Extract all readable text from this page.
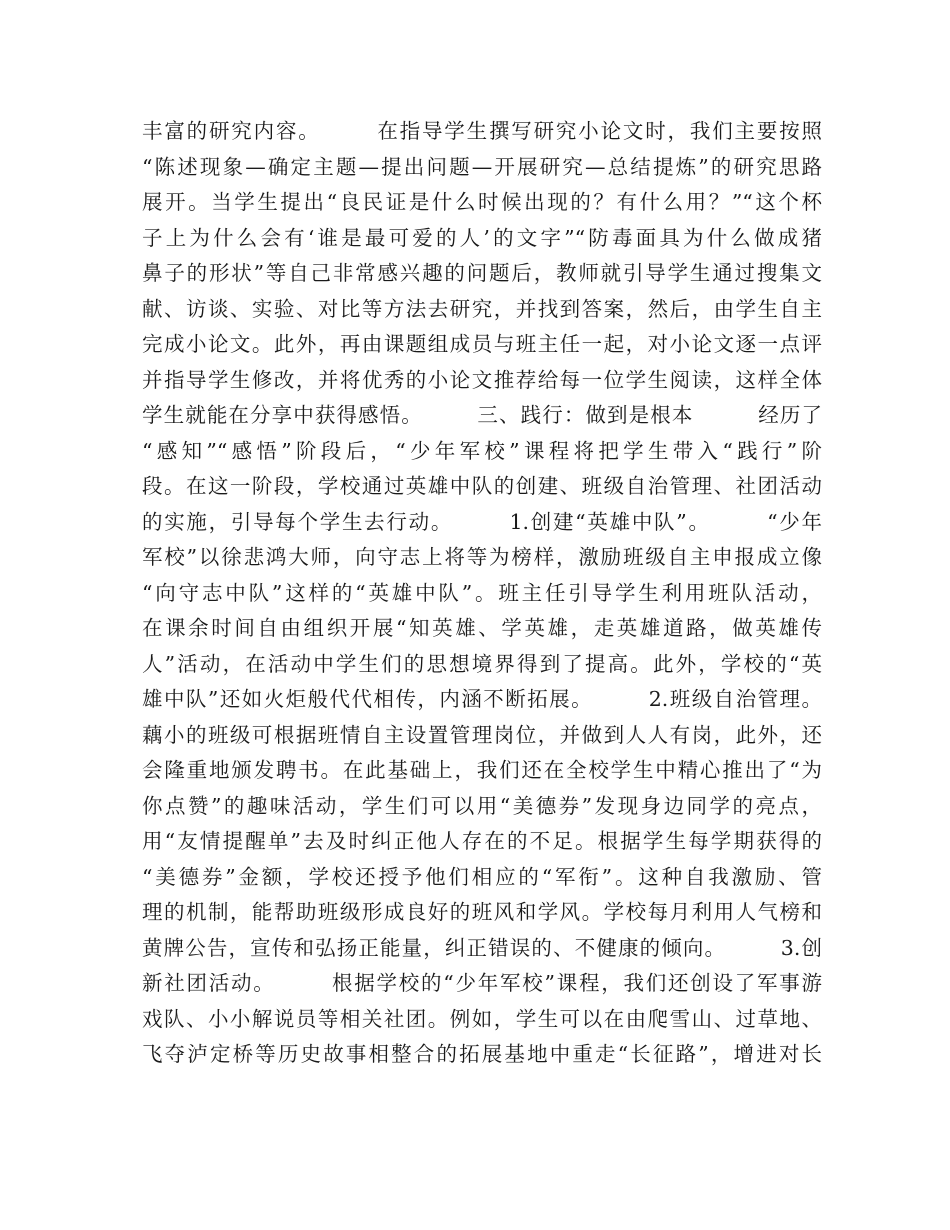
丰富的研究内容。　　　在指导学生撰写研究小论文时，我们主要按照
“陈述现象—确定主题—提出问题—开展研究—总结提炼”的研究思路
展开。当学生提出“良民证是什么时候出现的？有什么用？”“这个杯
子上为什么会有‘谁是最可爱的人’的文字”“防毒面具为什么做成猪
鼻子的形状”等自己非常感兴趣的问题后，教师就引导学生通过搜集文
献、访谈、实验、对比等方法去研究，并找到答案，然后，由学生自主
完成小论文。此外，再由课题组成员与班主任一起，对小论文逐一点评
并指导学生修改，并将优秀的小论文推荐给每一位学生阅读，这样全体
学生就能在分享中获得感悟。　　　三、践行：做到是根本　　　经历了
“感知”“感悟”阶段后，“少年军校”课程将把学生带入“践行”阶
段。在这一阶段，学校通过英雄中队的创建、班级自治管理、社团活动
的实施，引导每个学生去行动。　　　1.创建“英雄中队”。　　　“少年
军校”以徐悲鸿大师，向守志上将等为榜样，激励班级自主申报成立像
“向守志中队”这样的“英雄中队”。班主任引导学生利用班队活动，
在课余时间自由组织开展“知英雄、学英雄，走英雄道路，做英雄传
人”活动，在活动中学生们的思想境界得到了提高。此外，学校的“英
雄中队”还如火炬般代代相传，内涵不断拓展。　　　2.班级自治管理。
藕小的班级可根据班情自主设置管理岗位，并做到人人有岗，此外，还
会隆重地颁发聘书。在此基础上，我们还在全校学生中精心推出了“为
你点赞”的趣味活动，学生们可以用“美德券”发现身边同学的亮点，
用“友情提醒单”去及时纠正他人存在的不足。根据学生每学期获得的
“美德券”金额，学校还授予他们相应的“军衔”。这种自我激励、管
理的机制，能帮助班级形成良好的班风和学风。学校每月利用人气榜和
黄牌公告，宣传和弘扬正能量，纠正错误的、不健康的倾向。　　　3.创
新社团活动。　　　根据学校的“少年军校”课程，我们还创设了军事游
戏队、小小解说员等相关社团。例如，学生可以在由爬雪山、过草地、
飞夺泸定桥等历史故事相整合的拓展基地中重走“长征路”，增进对长
